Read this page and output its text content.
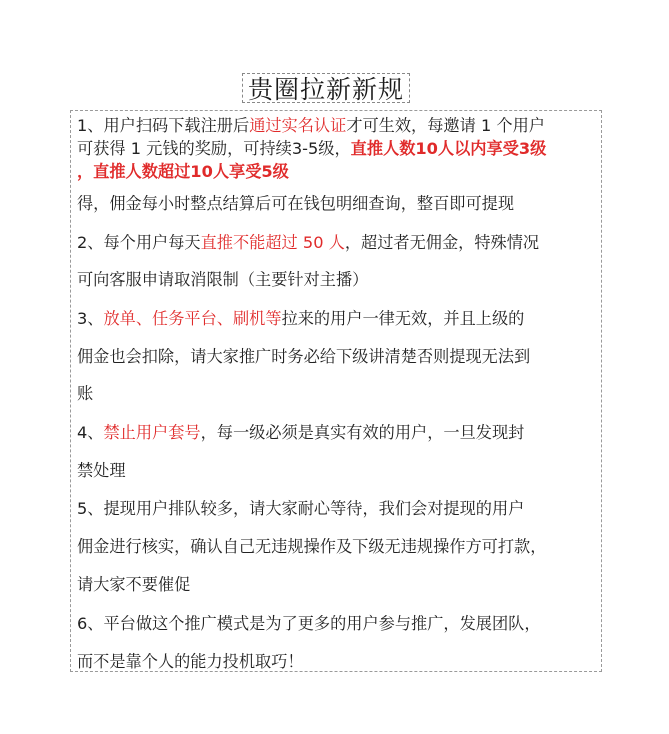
贵圈拉新新规
1、用户扫码下载注册后通过实名认证才可生效，每邀请 1 个用户
可获得 1 元钱的奖励，可持续3-5级，直推人数10人以内享受3级
，直推人数超过10人享受5级
得，佣金每小时整点结算后可在钱包明细查询，整百即可提现
2、每个用户每天直推不能超过 50 人，超过者无佣金，特殊情况
可向客服申请取消限制（主要针对主播）
3、放单、任务平台、刷机等拉来的用户一律无效，并且上级的
佣金也会扣除，请大家推广时务必给下级讲清楚否则提现无法到
账
4、禁止用户套号，每一级必须是真实有效的用户，一旦发现封
禁处理
5、提现用户排队较多，请大家耐心等待，我们会对提现的用户
佣金进行核实，确认自己无违规操作及下级无违规操作方可打款，
请大家不要催促
6、平台做这个推广模式是为了更多的用户参与推广，发展团队，
而不是靠个人的能力投机取巧！
